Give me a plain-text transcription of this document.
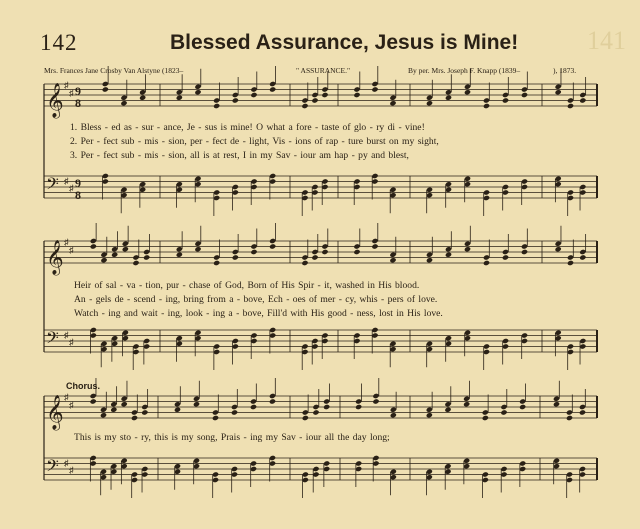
142	Blessed Assurance, Jesus is Mine!	141
Mrs. Frances Jane Crosby Van Alstyne (1823–	" ASSURANCE."	By per. Mrs. Joseph F. Knapp (1839–	), 1873.
𝄞 ♯
♯ 9
8
𝄢 ♯
♯ 9
8
𝄞 ♯
♯
𝄢 ♯
♯
𝄞 ♯
♯
𝄢 ♯
♯
1. Bless - ed as - sur - ance, Je - sus is mine! O what a fore - taste of glo - ry di - vine!
2. Per - fect sub - mis - sion, per - fect de - light, Vis - ions of rap - ture burst on my sight,
3. Per - fect sub - mis - sion, all is at rest, I in my Sav - iour am hap - py and blest,
Heir of sal - va - tion, pur - chase of God, Born of His Spir - it, washed in His blood.
An - gels de - scend - ing, bring from a - bove, Ech - oes of mer - cy, whis - pers of love.
Watch - ing and wait - ing, look - ing a - bove, Fill'd with His good - ness, lost in His love.
Chorus.
This is my sto - ry, this is my song, Prais - ing my Sav - iour all the day long;
